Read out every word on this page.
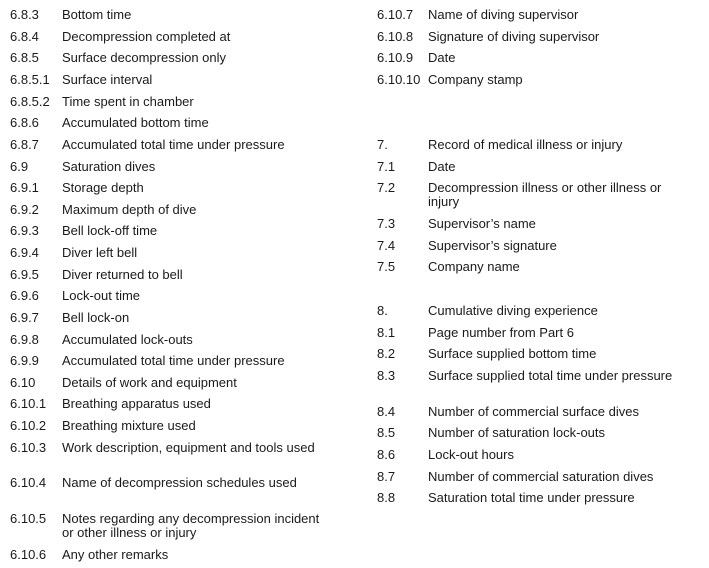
6.8.3	Bottom time
6.8.4	Decompression completed at
6.8.5	Surface decompression only
6.8.5.1 Surface interval
6.8.5.2 Time spent in chamber
6.8.6	Accumulated bottom time
6.8.7	Accumulated total time under pressure
6.9	Saturation dives
6.9.1	Storage depth
6.9.2	Maximum depth of dive
6.9.3	Bell lock-off time
6.9.4	Diver left bell
6.9.5	Diver returned to bell
6.9.6	Lock-out time
6.9.7	Bell lock-on
6.9.8	Accumulated lock-outs
6.9.9	Accumulated total time under pressure
6.10	Details of work and equipment
6.10.1	Breathing apparatus used
6.10.2	Breathing mixture used
6.10.3	Work description, equipment and tools used
6.10.4	Name of decompression schedules used
6.10.5	Notes regarding any decompression incident or other illness or injury
6.10.6	Any other remarks
6.10.7	Name of diving supervisor
6.10.8	Signature of diving supervisor
6.10.9	Date
6.10.10 Company stamp
7.	Record of medical illness or injury
7.1	Date
7.2	Decompression illness or other illness or injury
7.3	Supervisor’s name
7.4	Supervisor’s signature
7.5	Company name
8.	Cumulative diving experience
8.1	Page number from Part 6
8.2	Surface supplied bottom time
8.3	Surface supplied total time under pressure
8.4	Number of commercial surface dives
8.5	Number of saturation lock-outs
8.6	Lock-out hours
8.7	Number of commercial saturation dives
8.8	Saturation total time under pressure
